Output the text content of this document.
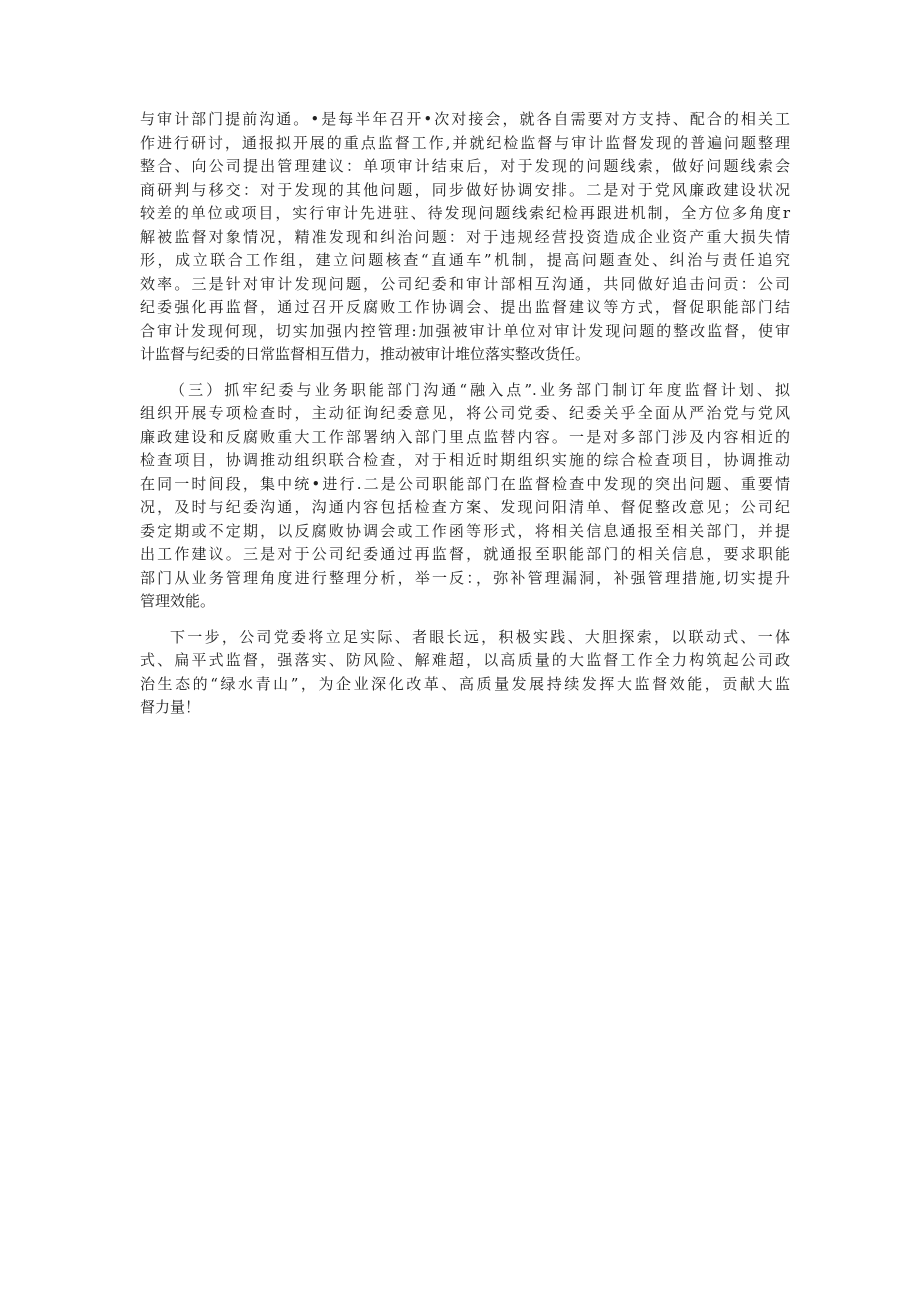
与审计部门提前沟通。•是每半年召开•次对接会，就各自需要对方支持、配合的相关工
作进行研讨，通报拟开展的重点监督工作,并就纪检监督与审计监督发现的普遍问题整理
整合、向公司提出管理建议：单项审计结束后，对于发现的问题线索，做好问题线索会
商研判与移交：对于发现的其他问题，同步做好协调安排。二是对于党风廉政建设状况
较差的单位或项目，实行审计先进驻、待发现问题线索纪检再跟进机制，全方位多角度r
解被监督对象情况，精准发现和纠治问题：对于违规经营投资造成企业资产重大损失情
形，成立联合工作组，建立问题核查“直通车”机制，提高问题查处、纠治与责任追究
效率。三是针对审计发现问题，公司纪委和审计部相互沟通，共同做好追击问贡：公司
纪委强化再监督，通过召开反腐败工作协调会、提出监督建议等方式，督促职能部门结
合审计发现何现，切实加强内控管理:加强被审计单位对审计发现问题的整改监督，使审
计监督与纪委的日常监督相互借力，推动被审计堆位落实整改货任。
（三）抓牢纪委与业务职能部门沟通“融入点”.业务部门制订年度监督计划、拟
组织开展专项检查时，主动征询纪委意见，将公司党委、纪委关乎全面从严治党与党风
廉政建设和反腐败重大工作部署纳入部门里点监替内容。一是对多部门涉及内容相近的
检查项目，协调推动组织联合检查，对于相近时期组织实施的综合检查项目，协调推动
在同一时间段，集中统•进行.二是公司职能部门在监督检查中发现的突出问题、重要情
况，及时与纪委沟通，沟通内容包括检查方案、发现问阳清单、督促整改意见；公司纪
委定期或不定期，以反腐败协调会或工作函等形式，将相关信息通报至相关部门，并提
出工作建议。三是对于公司纪委通过再监督，就通报至职能部门的相关信息，要求职能
部门从业务管理角度进行整理分析，举一反：，弥补管理漏洞，补强管理措施,切实提升
管理效能。
下一步，公司党委将立足实际、者眼长远，积极实践、大胆探索，以联动式、一体
式、扁平式监督，强落实、防风险、解难超，以高质量的大监督工作全力构筑起公司政
治生态的“绿水青山”，为企业深化改革、高质量发展持续发挥大监督效能，贡献大监
督力量！
